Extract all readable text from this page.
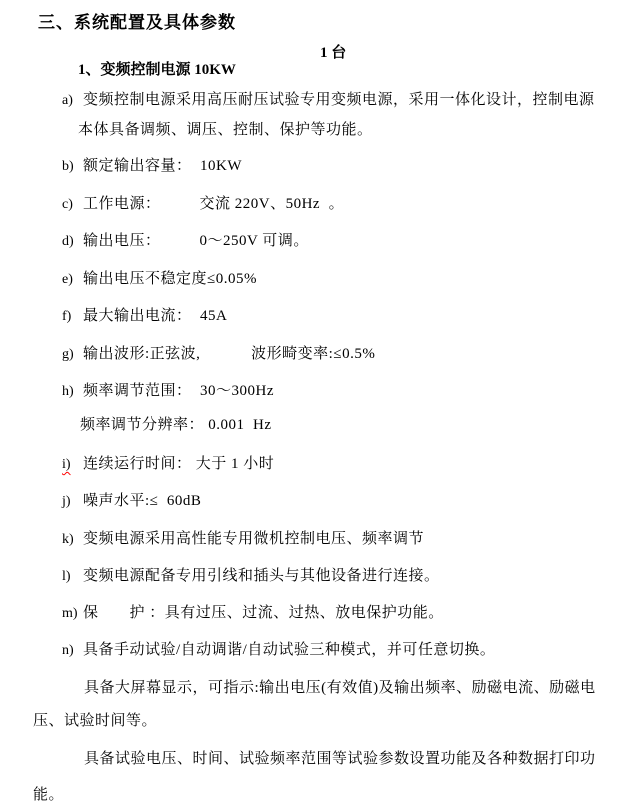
三、系统配置及具体参数

1、变频控制电源 10KW

1 台

a) 变频控制电源采用高压耐压试验专用变频电源，采用一体化设计，控制电源
本体具备调频、调压、控制、保护等功能。
b) 额定输出容量：  10KW
c) 工作电源：　　　交流 220V、50Hz  。
d) 输出电压：　　　0～250V 可调。
e) 输出电压不稳定度≤0.05%
f) 最大输出电流：  45A
g) 输出波形:正弦波,　　　 波形畸变率:≤0.5%
h) 频率调节范围：  30～300Hz
频率调节分辨率： 0.001  Hz
i) 连续运行时间： 大于 1 小时
j) 噪声水平:≤  60dB
k) 变频电源采用高性能专用微机控制电压、频率调节
l) 变频电源配备专用引线和插头与其他设备进行连接。
m) 保　　护 ：具有过压、过流、过热、放电保护功能。
n) 具备手动试验/自动调谐/自动试验三种模式，并可任意切换。
具备大屏幕显示，可指示:输出电压(有效值)及输出频率、励磁电流、励磁电
压、试验时间等。
具备试验电压、时间、试验频率范围等试验参数设置功能及各种数据打印功
能。
